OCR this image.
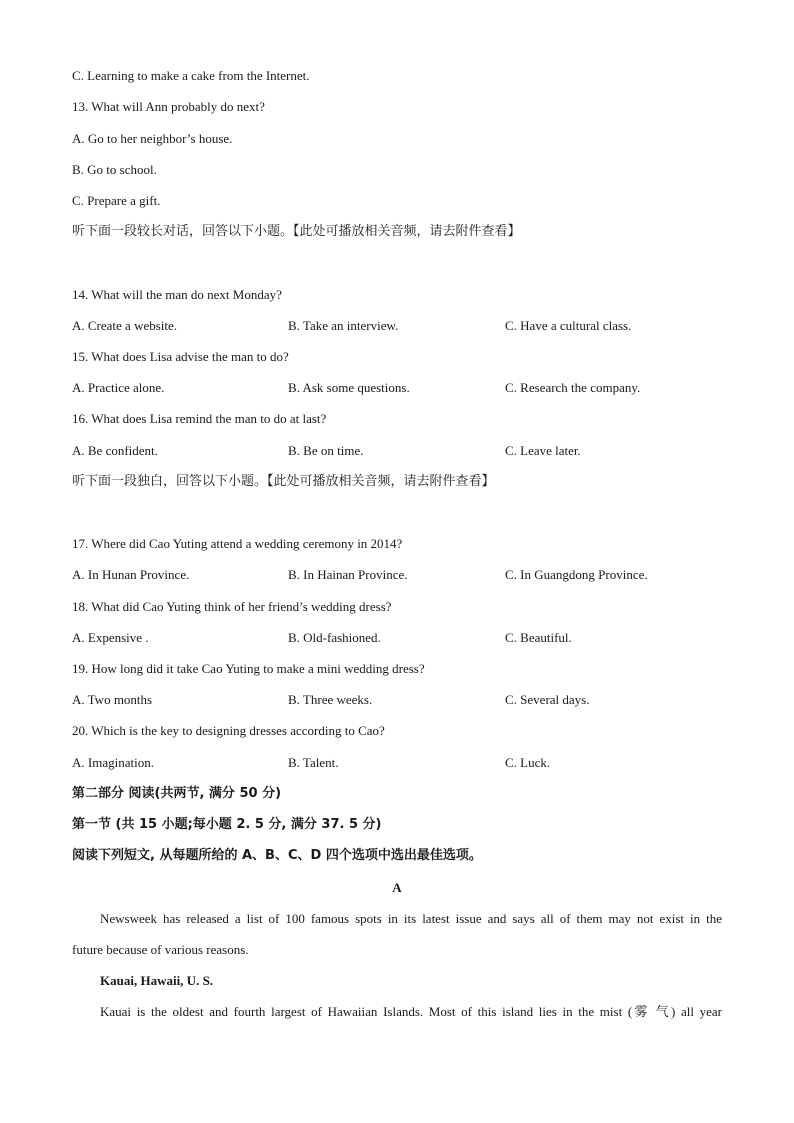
C. Learning to make a cake from the Internet.
13. What will Ann probably do next?
A. Go to her neighbor’s house.
B. Go to school.
C. Prepare a gift.
听下面一段较长对话，回答以下小题。【此处可播放相关音频，请去附件查看】
14. What will the man do next Monday?
A. Create a website.	B. Take an interview.	C. Have a cultural class.
15. What does Lisa advise the man to do?
A. Practice alone.	B. Ask some questions.	C. Research the company.
16. What does Lisa remind the man to do at last?
A. Be confident.	B. Be on time.	C. Leave later.
听下面一段独白，回答以下小题。【此处可播放相关音频，请去附件查看】
17. Where did Cao Yuting attend a wedding ceremony in 2014?
A. In Hunan Province.	B. In Hainan Province.	C. In Guangdong Province.
18. What did Cao Yuting think of her friend’s wedding dress?
A. Expensive .	B. Old-fashioned.	C. Beautiful.
19. How long did it take Cao Yuting to make a mini wedding dress?
A. Two months	B. Three weeks.	C. Several days.
20. Which is the key to designing dresses according to Cao?
A. Imagination.	B. Talent.	C. Luck.
第二部分 阅读(共两节, 满分 50 分)
第一节 (共 15 小题;每小题 2. 5 分, 满分 37. 5 分)
阅读下列短文, 从每题所给的 A、B、C、D 四个选项中选出最佳选项。
A
Newsweek has released a list of 100 famous spots in its latest issue and says all of them may not exist in the
future because of various reasons.
Kauai, Hawaii, U. S.
Kauai is the oldest and fourth largest of Hawaiian Islands. Most of this island lies in the mist (雾 气) all year
